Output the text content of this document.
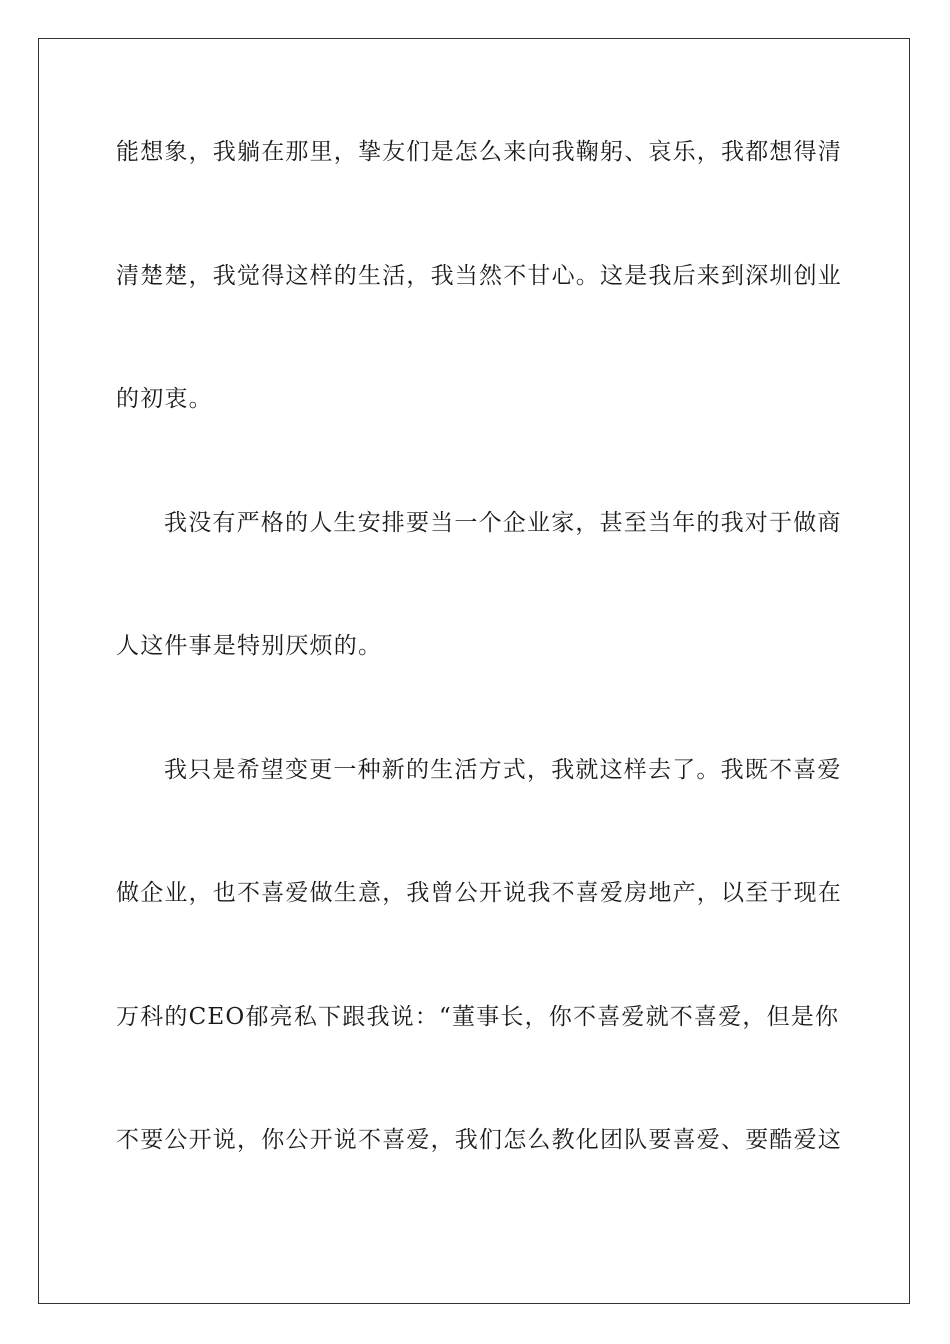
能想象，我躺在那里，挚友们是怎么来向我鞠躬、哀乐，我都想得清
清楚楚，我觉得这样的生活，我当然不甘心。这是我后来到深圳创业
的初衷。
我没有严格的人生安排要当一个企业家，甚至当年的我对于做商
人这件事是特别厌烦的。
我只是希望变更一种新的生活方式，我就这样去了。我既不喜爱
做企业，也不喜爱做生意，我曾公开说我不喜爱房地产，以至于现在
万科的CEO郁亮私下跟我说：“董事长，你不喜爱就不喜爱，但是你
不要公开说，你公开说不喜爱，我们怎么教化团队要喜爱、要酷爱这
